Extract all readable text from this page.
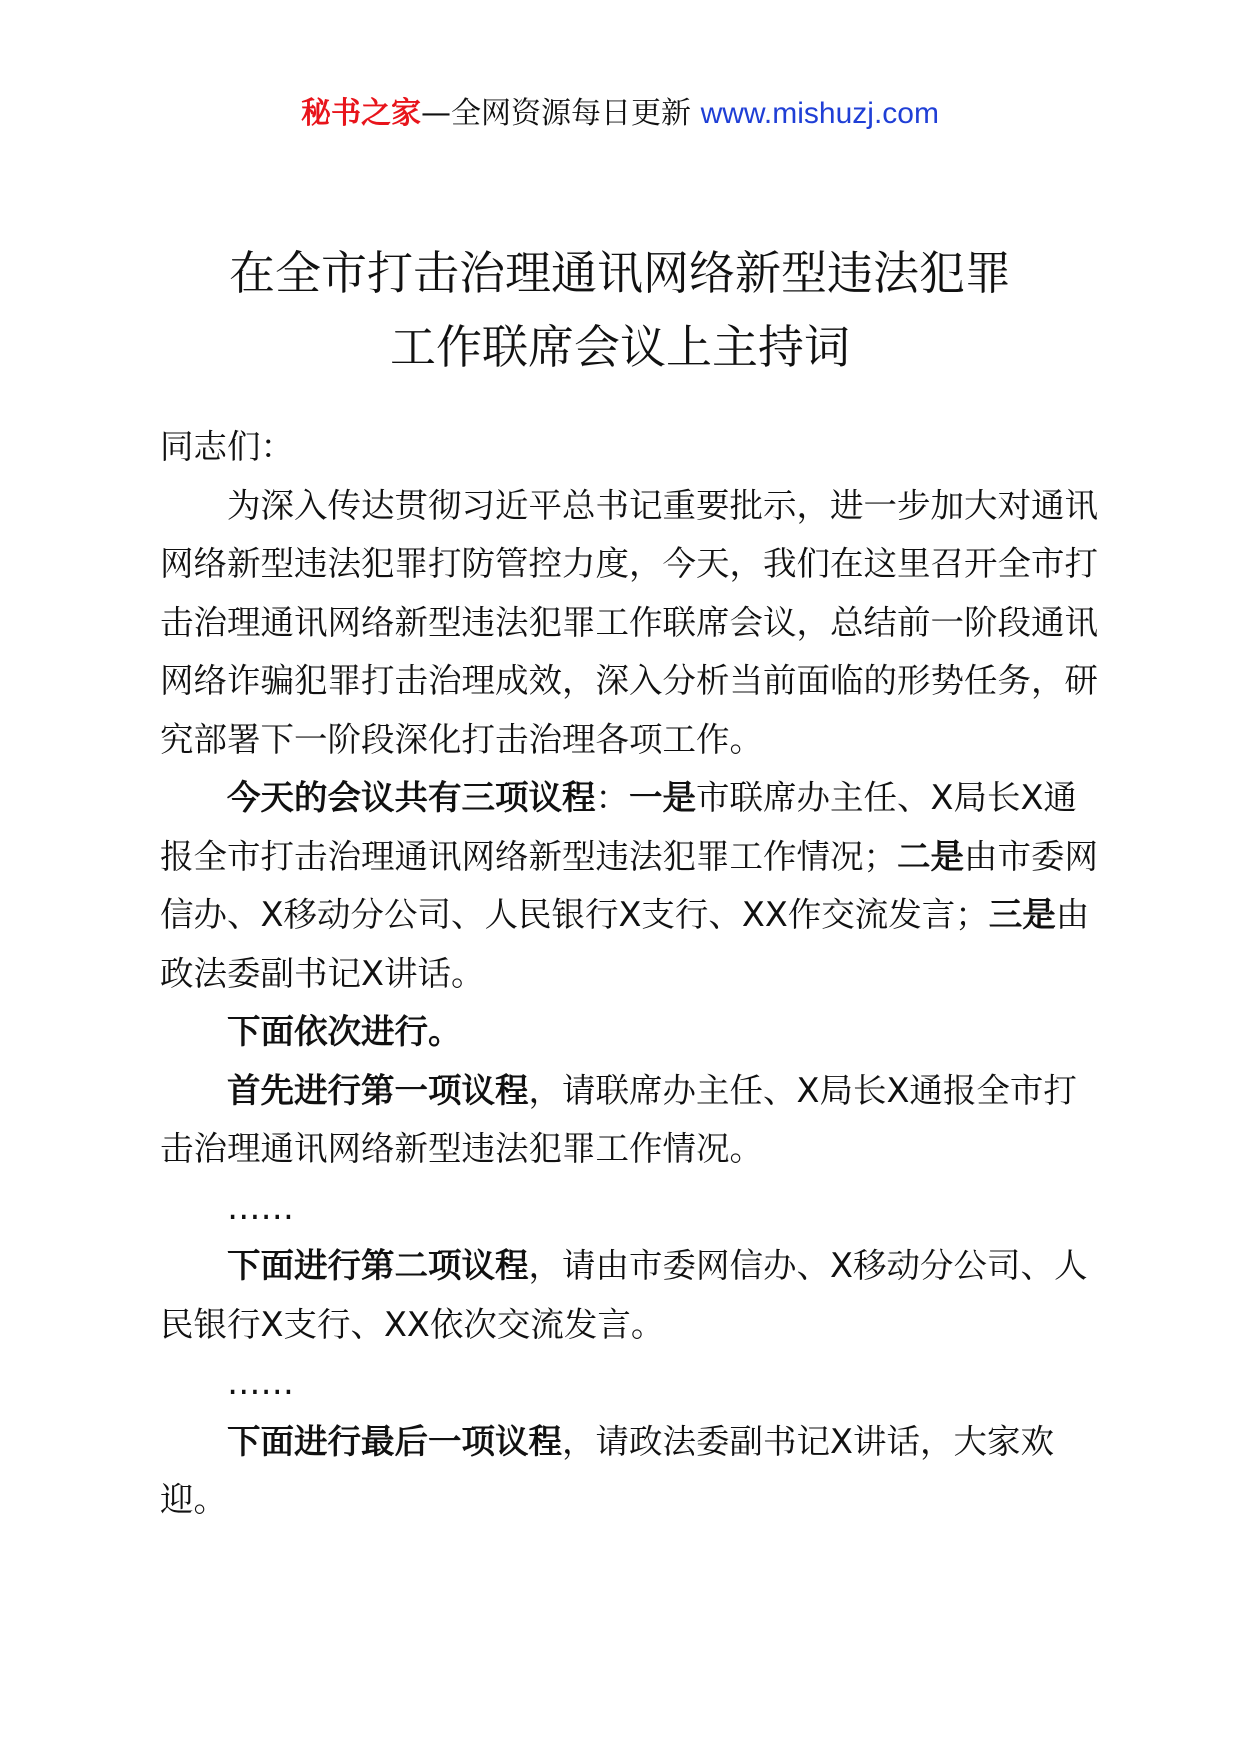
秘书之家—全网资源每日更新 www.mishuzj.com
在全市打击治理通讯网络新型违法犯罪
工作联席会议上主持词

同志们：

为深入传达贯彻习近平总书记重要批示，进一步加大对通讯网络新型违法犯罪打防管控力度，今天，我们在这里召开全市打击治理通讯网络新型违法犯罪工作联席会议，总结前一阶段通讯网络诈骗犯罪打击治理成效，深入分析当前面临的形势任务，研究部署下一阶段深化打击治理各项工作。

今天的会议共有三项议程：一是市联席办主任、X局长X通报全市打击治理通讯网络新型违法犯罪工作情况；二是由市委网信办、X移动分公司、人民银行X支行、XX作交流发言；三是由政法委副书记X讲话。

下面依次进行。

首先进行第一项议程，请联席办主任、X局长X通报全市打击治理通讯网络新型违法犯罪工作情况。

……

下面进行第二项议程，请由市委网信办、X移动分公司、人民银行X支行、XX依次交流发言。

……

下面进行最后一项议程，请政法委副书记X讲话，大家欢迎。
